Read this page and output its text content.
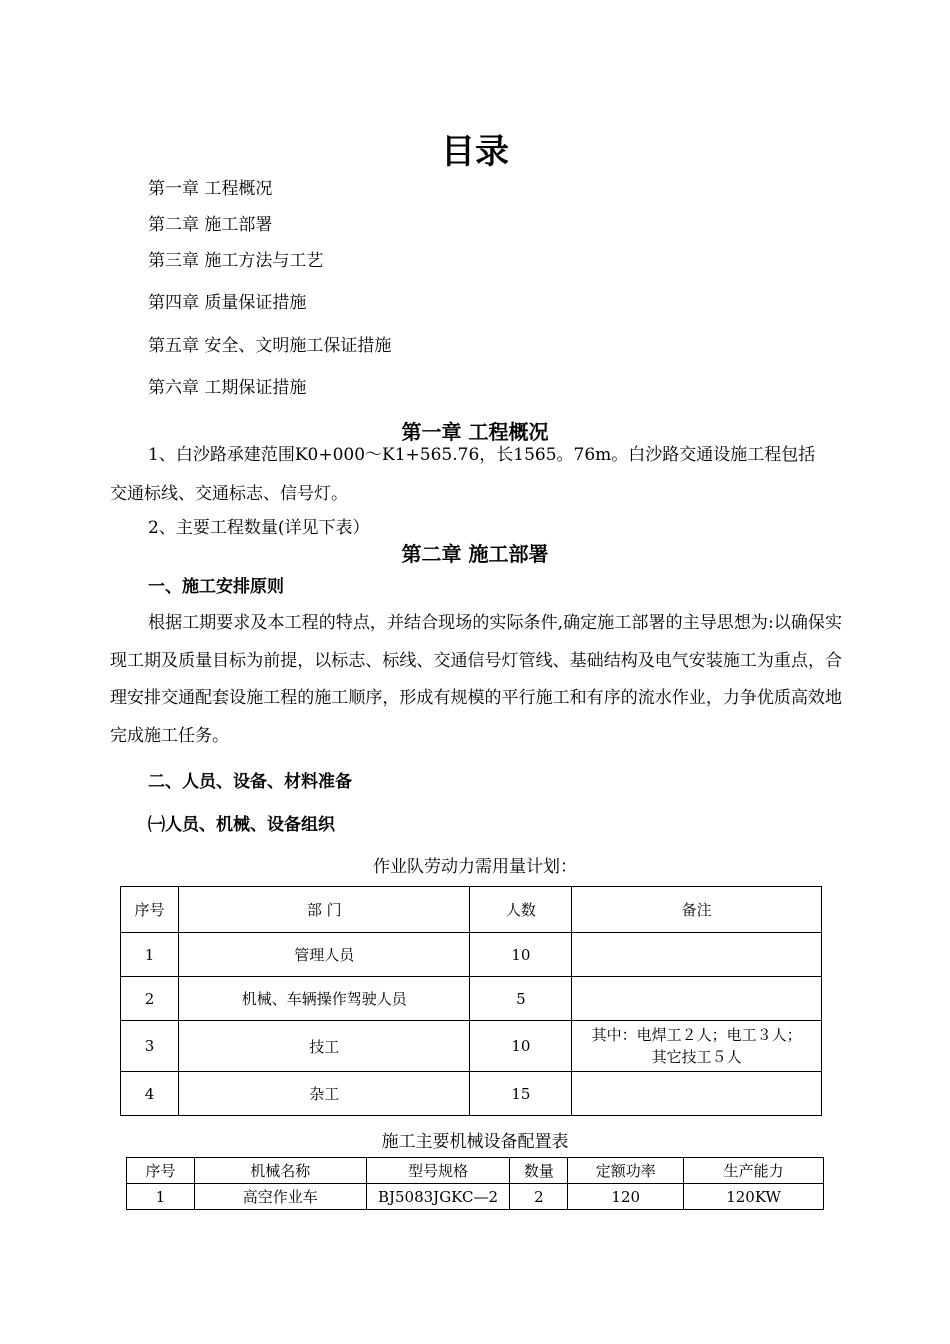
目录
第一章 工程概况
第二章 施工部署
第三章 施工方法与工艺
第四章 质量保证措施
第五章 安全、文明施工保证措施
第六章 工期保证措施
第一章 工程概况
1、白沙路承建范围K0+000～K1+565.76，长1565。76m。白沙路交通设施工程包括
交通标线、交通标志、信号灯。
2、主要工程数量(详见下表）
第二章 施工部署
一、施工安排原则
根据工期要求及本工程的特点，并结合现场的实际条件,确定施工部署的主导思想为:以确保实现工期及质量目标为前提，以标志、标线、交通信号灯管线、基础结构及电气安装施工为重点，合理安排交通配套设施工程的施工顺序，形成有规模的平行施工和有序的流水作业，力争优质高效地完成施工任务。
二、人员、设备、材料准备
㈠人员、机械、设备组织
作业队劳动力需用量计划：
序号	部 门	人数	备注
1	管理人员	10	
2	机械、车辆操作驾驶人员	5	
3	技工	10	其中：电焊工２人；电工３人；
其它技工５人

4	杂工	15	
施工主要机械设备配置表
序号	机械名称	型号规格	数量	定额功率	生产能力
1	高空作业车	BJ5083JGKC—2	2	120	120KW
